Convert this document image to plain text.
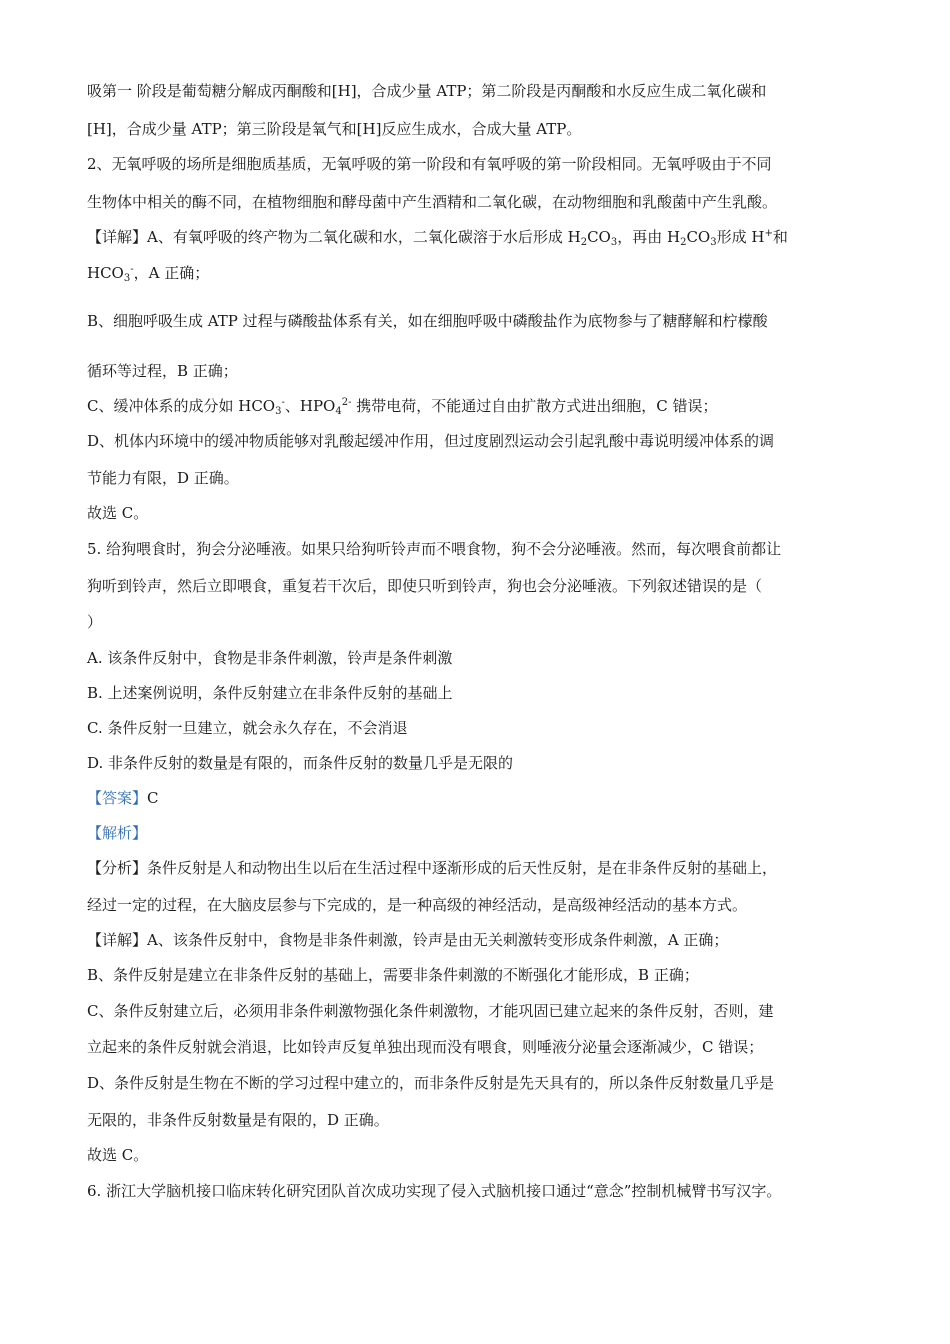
吸第一 阶段是葡萄糖分解成丙酮酸和[H]，合成少量 ATP；第二阶段是丙酮酸和水反应生成二氧化碳和
[H]，合成少量 ATP；第三阶段是氧气和[H]反应生成水，合成大量 ATP。
2、无氧呼吸的场所是细胞质基质，无氧呼吸的第一阶段和有氧呼吸的第一阶段相同。无氧呼吸由于不同
生物体中相关的酶不同，在植物细胞和酵母菌中产生酒精和二氧化碳，在动物细胞和乳酸菌中产生乳酸。
【详解】A、有氧呼吸的终产物为二氧化碳和水，二氧化碳溶于水后形成 $H_2CO_3$，再由 $H_2CO_3$形成 H+和
$HCO_3^-$，A 正确；
B、细胞呼吸生成 ATP 过程与磷酸盐体系有关，如在细胞呼吸中磷酸盐作为底物参与了糖酵解和柠檬酸
循环等过程，B 正确；
C、缓冲体系的成分如 $HCO_3^-$、$HPO_4^{2-}$ 携带电荷，不能通过自由扩散方式进出细胞，C 错误；
D、机体内环境中的缓冲物质能够对乳酸起缓冲作用，但过度剧烈运动会引起乳酸中毒说明缓冲体系的调
节能力有限，D 正确。
故选 C。
5. 给狗喂食时，狗会分泌唾液。如果只给狗听铃声而不喂食物，狗不会分泌唾液。然而，每次喂食前都让
狗听到铃声，然后立即喂食，重复若干次后，即使只听到铃声，狗也会分泌唾液。下列叙述错误的是（
）
A. 该条件反射中，食物是非条件刺激，铃声是条件刺激
B. 上述案例说明，条件反射建立在非条件反射的基础上
C. 条件反射一旦建立，就会永久存在，不会消退
D. 非条件反射的数量是有限的，而条件反射的数量几乎是无限的
【答案】C
【解析】
【分析】条件反射是人和动物出生以后在生活过程中逐渐形成的后天性反射，是在非条件反射的基础上，
经过一定的过程，在大脑皮层参与下完成的，是一种高级的神经活动，是高级神经活动的基本方式。
【详解】A、该条件反射中，食物是非条件刺激，铃声是由无关刺激转变形成条件刺激，A 正确；
B、条件反射是建立在非条件反射的基础上，需要非条件刺激的不断强化才能形成，B 正确；
C、条件反射建立后，必须用非条件刺激物强化条件刺激物，才能巩固已建立起来的条件反射，否则，建
立起来的条件反射就会消退，比如铃声反复单独出现而没有喂食，则唾液分泌量会逐渐减少，C 错误；
D、条件反射是生物在不断的学习过程中建立的，而非条件反射是先天具有的，所以条件反射数量几乎是
无限的，非条件反射数量是有限的，D 正确。
故选 C。
6. 浙江大学脑机接口临床转化研究团队首次成功实现了侵入式脑机接口通过“意念”控制机械臂书写汉字。
